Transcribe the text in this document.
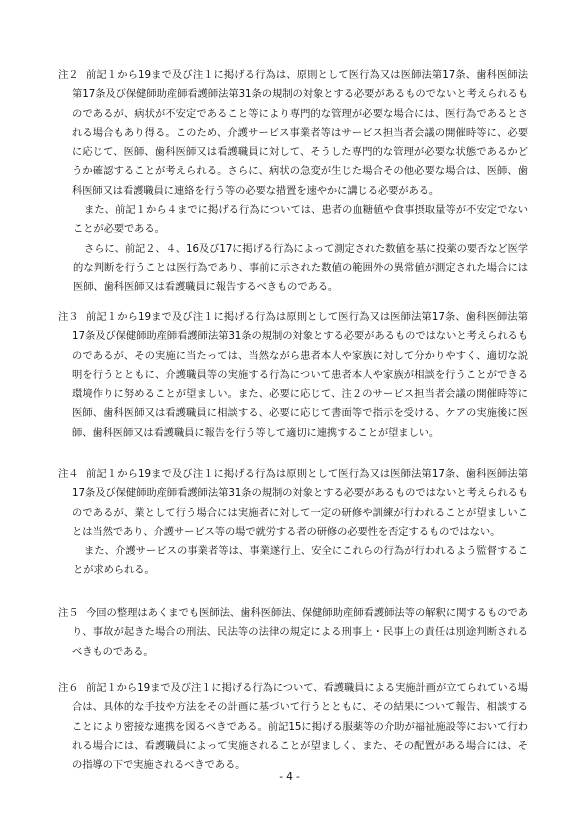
注２ 前記１から19まで及び注１に掲げる行為は、原則として医行為又は医師法第17条、歯科医師法第17条及び保健師助産師看護師法第31条の規制の対象とする必要があるものでないと考えられるものであるが、病状が不安定であること等により専門的な管理が必要な場合には、医行為であるとされる場合もあり得る。このため、介護サービス事業者等はサービス担当者会議の開催時等に、必要に応じて、医師、歯科医師又は看護職員に対して、そうした専門的な管理が必要な状態であるかどうか確認することが考えられる。さらに、病状の急変が生じた場合その他必要な場合は、医師、歯科医師又は看護職員に連絡を行う等の必要な措置を速やかに講じる必要がある。

また、前記１から４までに掲げる行為については、患者の血糖値や食事摂取量等が不安定でないことが必要である。

さらに、前記２、４、16及び17に掲げる行為によって測定された数値を基に投薬の要否など医学的な判断を行うことは医行為であり、事前に示された数値の範囲外の異常値が測定された場合には医師、歯科医師又は看護職員に報告するべきものである。

注３ 前記１から19まで及び注１に掲げる行為は原則として医行為又は医師法第17条、歯科医師法第17条及び保健師助産師看護師法第31条の規制の対象とする必要があるものではないと考えられるものであるが、その実施に当たっては、当然ながら患者本人や家族に対して分かりやすく、適切な説明を行うとともに、介護職員等の実施する行為について患者本人や家族が相談を行うことができる環境作りに努めることが望ましい。また、必要に応じて、注２のサービス担当者会議の開催時等に医師、歯科医師又は看護職員に相談する、必要に応じて書面等で指示を受ける、ケアの実施後に医師、歯科医師又は看護職員に報告を行う等して適切に連携することが望ましい。

注４ 前記１から19まで及び注１に掲げる行為は原則として医行為又は医師法第17条、歯科医師法第17条及び保健師助産師看護師法第31条の規制の対象とする必要があるものではないと考えられるものであるが、業として行う場合には実施者に対して一定の研修や訓練が行われることが望ましいことは当然であり、介護サービス等の場で就労する者の研修の必要性を否定するものではない。

また、介護サービスの事業者等は、事業遂行上、安全にこれらの行為が行われるよう監督することが求められる。

注５ 今回の整理はあくまでも医師法、歯科医師法、保健師助産師看護師法等の解釈に関するものであり、事故が起きた場合の刑法、民法等の法律の規定による刑事上・民事上の責任は別途判断されるべきものである。

注６ 前記１から19まで及び注１に掲げる行為について、看護職員による実施計画が立てられている場合は、具体的な手技や方法をその計画に基づいて行うとともに、その結果について報告、相談することにより密接な連携を図るべきである。前記15に掲げる服薬等の介助が福祉施設等において行われる場合には、看護職員によって実施されることが望ましく、また、その配置がある場合には、その指導の下で実施されるべきである。

- 4 -
